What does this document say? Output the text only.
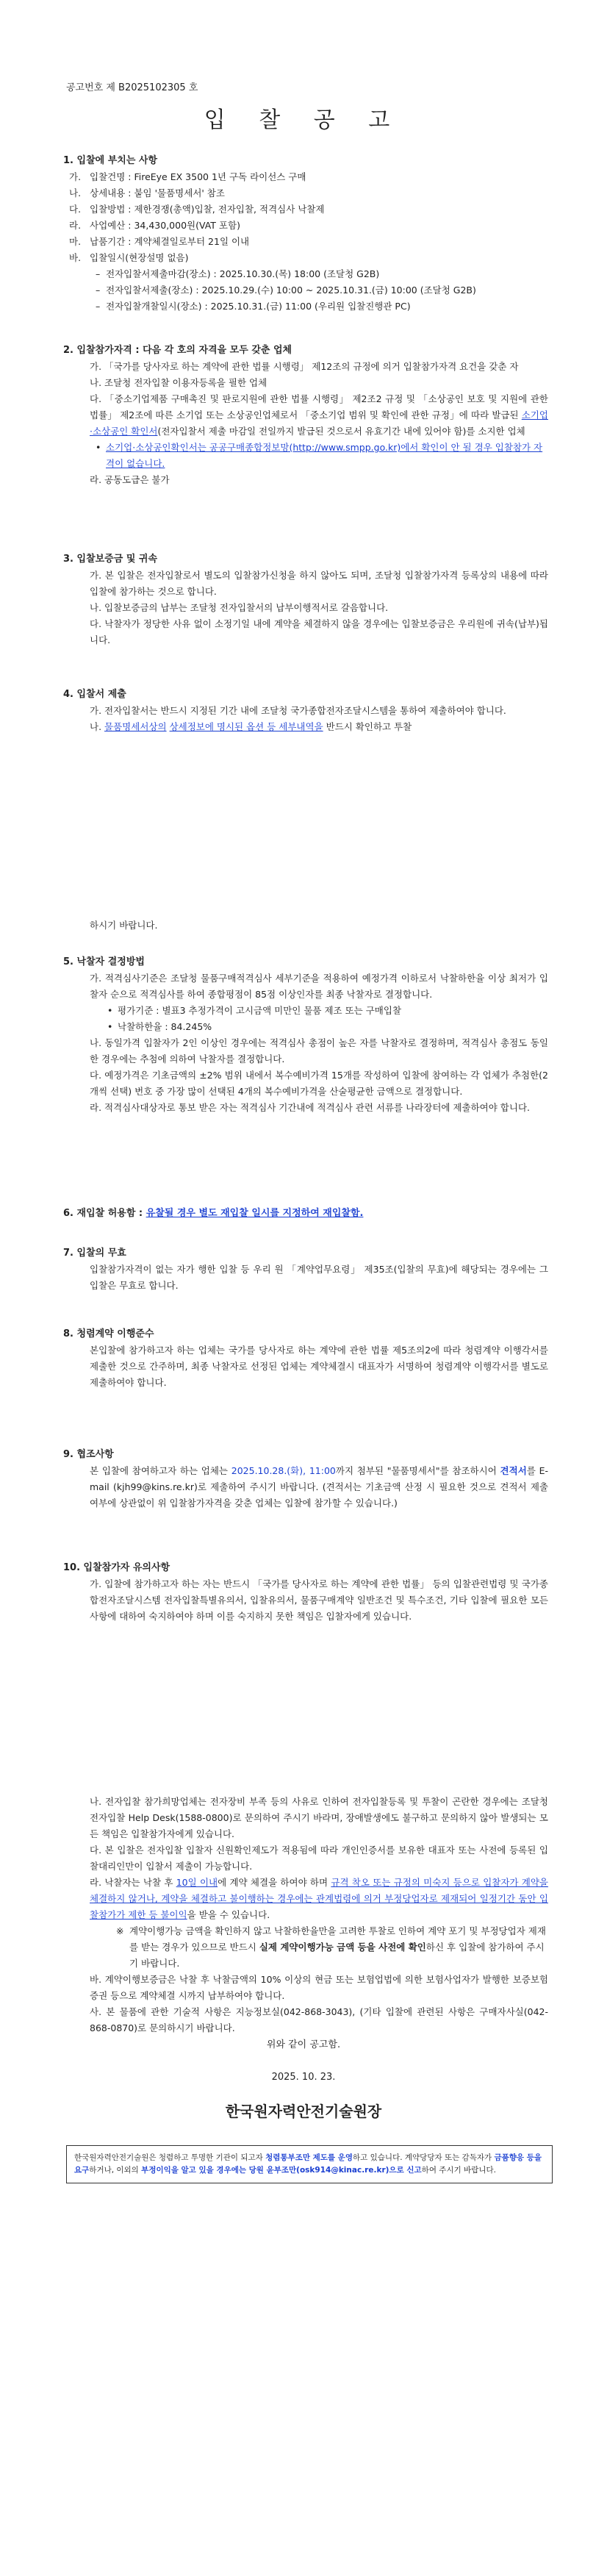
공고번호 제 B2025102305 호
입 찰 공 고

1. 입찰에 부치는 사항

가. 입찰건명 : FireEye EX 3500 1년 구독 라이선스 구매
나. 상세내용 : 붙임 '물품명세서' 참조
다. 입찰방법 : 제한경쟁(총액)입찰, 전자입찰, 적격심사 낙찰제
라. 사업예산 : 34,430,000원(VAT 포함)
마. 납품기간 : 계약체결일로부터 21일 이내
바. 입찰일시(현장설명 없음)
– 전자입찰서제출마감(장소) : 2025.10.30.(목) 18:00 (조달청 G2B)
– 전자입찰서제출(장소) : 2025.10.29.(수) 10:00 ~ 2025.10.31.(금) 10:00 (조달청 G2B)
– 전자입찰개찰일시(장소) : 2025.10.31.(금) 11:00 (우리원 입찰진행관 PC)

2. 입찰참가자격 : 다음 각 호의 자격을 모두 갖춘 업체

가. 「국가를 당사자로 하는 계약에 관한 법률 시행령」 제12조의 규정에 의거 입찰참가자격 요건을 갖춘 자
나. 조달청 전자입찰 이용자등록을 필한 업체
다. 「중소기업제품 구매촉진 및 판로지원에 관한 법률 시행령」 제2조2 규정 및 「소상공인 보호 및 지원에 관한 법률」 제2조에 따른 소기업 또는 소상공인업체로서 「중소기업 범위 및 확인에 관한 규정」에 따라 발급된 소기업·소상공인 확인서(전자입찰서 제출 마감일 전일까지 발급된 것으로서 유효기간 내에 있어야 함)를 소지한 업체
• 소기업·소상공인확인서는 공공구매종합정보망(http://www.smpp.go.kr)에서 확인이 안 될 경우 입찰참가 자격이 없습니다.
라. 공동도급은 불가

3. 입찰보증금 및 귀속

가. 본 입찰은 전자입찰로서 별도의 입찰참가신청을 하지 않아도 되며, 조달청 입찰참가자격 등록상의 내용에 따라 입찰에 참가하는 것으로 합니다.
나. 입찰보증금의 납부는 조달청 전자입찰서의 납부이행적서로 갈음합니다.
다. 낙찰자가 정당한 사유 없이 소정기일 내에 계약을 체결하지 않을 경우에는 입찰보증금은 우리원에 귀속(납부)됩니다.

4. 입찰서 제출

가. 전자입찰서는 반드시 지정된 기간 내에 조달청 국가종합전자조달시스템을 통하여 제출하여야 합니다.
나. 물품명세서상의 상세정보에 명시된 옵션 등 세부내역을 반드시 확인하고 투찰
하시기 바랍니다.

5. 낙찰자 결정방법

가. 적격심사기준은 조달청 물품구매적격심사 세부기준을 적용하여 예정가격 이하로서 낙찰하한율 이상 최저가 입찰자 순으로 적격심사를 하여 종합평점이 85점 이상인자를 최종 낙찰자로 결정합니다.
• 평가기준 : 별표3 추정가격이 고시금액 미만인 물품 제조 또는 구매입찰
• 낙찰하한율 : 84.245%
나. 동일가격 입찰자가 2인 이상인 경우에는 적격심사 총점이 높은 자를 낙찰자로 결정하며, 적격심사 총점도 동일한 경우에는 추첨에 의하여 낙찰자를 결정합니다.
다. 예정가격은 기초금액의 ±2% 범위 내에서 복수예비가격 15개를 작성하여 입찰에 참여하는 각 업체가 추첨한(2개씩 선택) 번호 중 가장 많이 선택된 4개의 복수예비가격을 산술평균한 금액으로 결정합니다.
라. 적격심사대상자로 통보 받은 자는 적격심사 기간내에 적격심사 관련 서류를 나라장터에 제출하여야 합니다.

6. 재입찰 허용함 : 유찰될 경우 별도 재입찰 일시를 지정하여 재입찰함.

7. 입찰의 무효

입찰참가자격이 없는 자가 행한 입찰 등 우리 원 「계약업무요령」 제35조(입찰의 무효)에 해당되는 경우에는 그 입찰은 무효로 합니다.

8. 청렴계약 이행준수

본입찰에 참가하고자 하는 업체는 국가를 당사자로 하는 계약에 관한 법률 제5조의2에 따라 청렴계약 이행각서를 제출한 것으로 간주하며, 최종 낙찰자로 선정된 업체는 계약체결시 대표자가 서명하여 청렴계약 이행각서를 별도로 제출하여야 합니다.

9. 협조사항

본 입찰에 참여하고자 하는 업체는 2025.10.28.(화), 11:00까지 첨부된 "물품명세서"를 참조하시어 견적서를 E-mail (kjh99@kins.re.kr)로 제출하여 주시기 바랍니다. (견적서는 기초금액 산정 시 필요한 것으로 견적서 제출 여부에 상관없이 위 입찰참가자격을 갖춘 업체는 입찰에 참가할 수 있습니다.)

10. 입찰참가자 유의사항

가. 입찰에 참가하고자 하는 자는 반드시 「국가를 당사자로 하는 계약에 관한 법률」 등의 입찰관련법령 및 국가종합전자조달시스템 전자입찰특별유의서, 입찰유의서, 물품구매계약 일반조건 및 특수조건, 기타 입찰에 필요한 모든 사항에 대하여 숙지하여야 하며 이를 숙지하지 못한 책임은 입찰자에게 있습니다.
나. 전자입찰 참가희망업체는 전자장비 부족 등의 사유로 인하여 전자입찰등록 및 투찰이 곤란한 경우에는 조달청 전자입찰 Help Desk(1588-0800)로 문의하여 주시기 바라며, 장애발생에도 불구하고 문의하지 않아 발생되는 모든 책임은 입찰참가자에게 있습니다.
다. 본 입찰은 전자입찰 입찰자 신원확인제도가 적용됨에 따라 개인인증서를 보유한 대표자 또는 사전에 등록된 입찰대리인만이 입찰서 제출이 가능합니다.
라. 낙찰자는 낙찰 후 10일 이내에 계약 체결을 하여야 하며 규격 착오 또는 규정의 미숙지 등으로 입찰자가 계약을 체결하지 않거나, 계약을 체결하고 불이행하는 경우에는 관계법령에 의거 부정당업자로 제재되어 일정기간 동안 입찰참가가 제한 등 불이익을 받을 수 있습니다.
※ 계약이행가능 금액을 확인하지 않고 낙찰하한율만을 고려한 투찰로 인하여 계약 포기 및 부정당업자 제재를 받는 경우가 있으므로 반드시 실제 계약이행가능 금액 등을 사전에 확인하신 후 입찰에 참가하여 주시기 바랍니다.
바. 계약이행보증금은 낙찰 후 낙찰금액의 10% 이상의 현금 또는 보험업법에 의한 보험사업자가 발행한 보증보험증권 등으로 계약체결 시까지 납부하여야 합니다.
사. 본 물품에 관한 기술적 사항은 지능정보실(042-868-3043), (기타 입찰에 관련된 사항은 구매자사실(042-868-0870)로 문의하시기 바랍니다.
위와 같이 공고함.
2025. 10. 23.
한국원자력안전기술원장
한국원자력안전기술원은 청렴하고 투명한 기관이 되고자 청렴통부조만 제도를 운영하고 있습니다. 계약당당자 또는 감독자가 금품향응 등을 요구하거나, 이외의 부정이익을 알고 있을 경우에는 당원 윤부조만(osk914@kinac.re.kr)으로 신고하여 주시기 바랍니다.
